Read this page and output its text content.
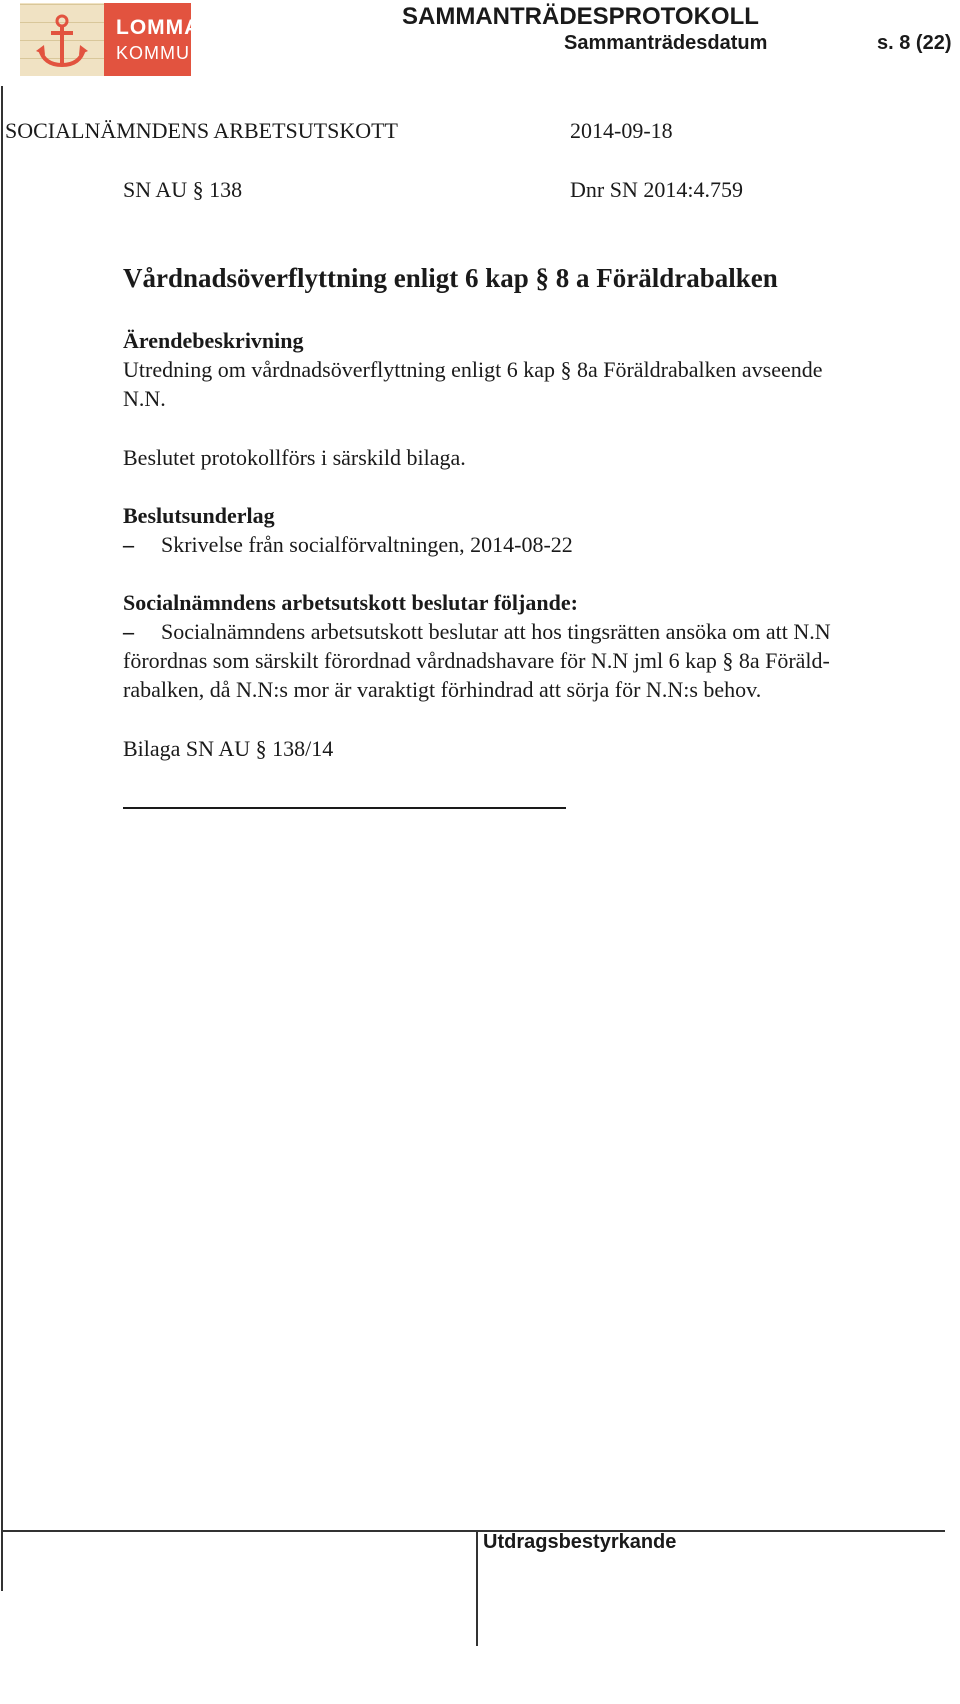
LOMMA
KOMMUN
SAMMANTRÄDESPROTOKOLL
Sammanträdesdatum	s. 8 (22)
SOCIALNÄMNDENS ARBETSUTSKOTT	2014-09-18
SN AU § 138	Dnr SN 2014:4.759
Vårdnadsöverflyttning enligt 6 kap § 8 a Föräldrabalken
Ärendebeskrivning
Utredning om vårdnadsöverflyttning enligt 6 kap § 8a Föräldrabalken avseende
N.N.
Beslutet protokollförs i särskild bilaga.
Beslutsunderlag
– Skrivelse från socialförvaltningen, 2014-08-22
Socialnämndens arbetsutskott beslutar följande:
– Socialnämndens arbetsutskott beslutar att hos tingsrätten ansöka om att N.N
förordnas som särskilt förordnad vårdnadshavare för N.N jml 6 kap § 8a Föräld-
rabalken, då N.N:s mor är varaktigt förhindrad att sörja för N.N:s behov.
Bilaga SN AU § 138/14
Utdragsbestyrkande
